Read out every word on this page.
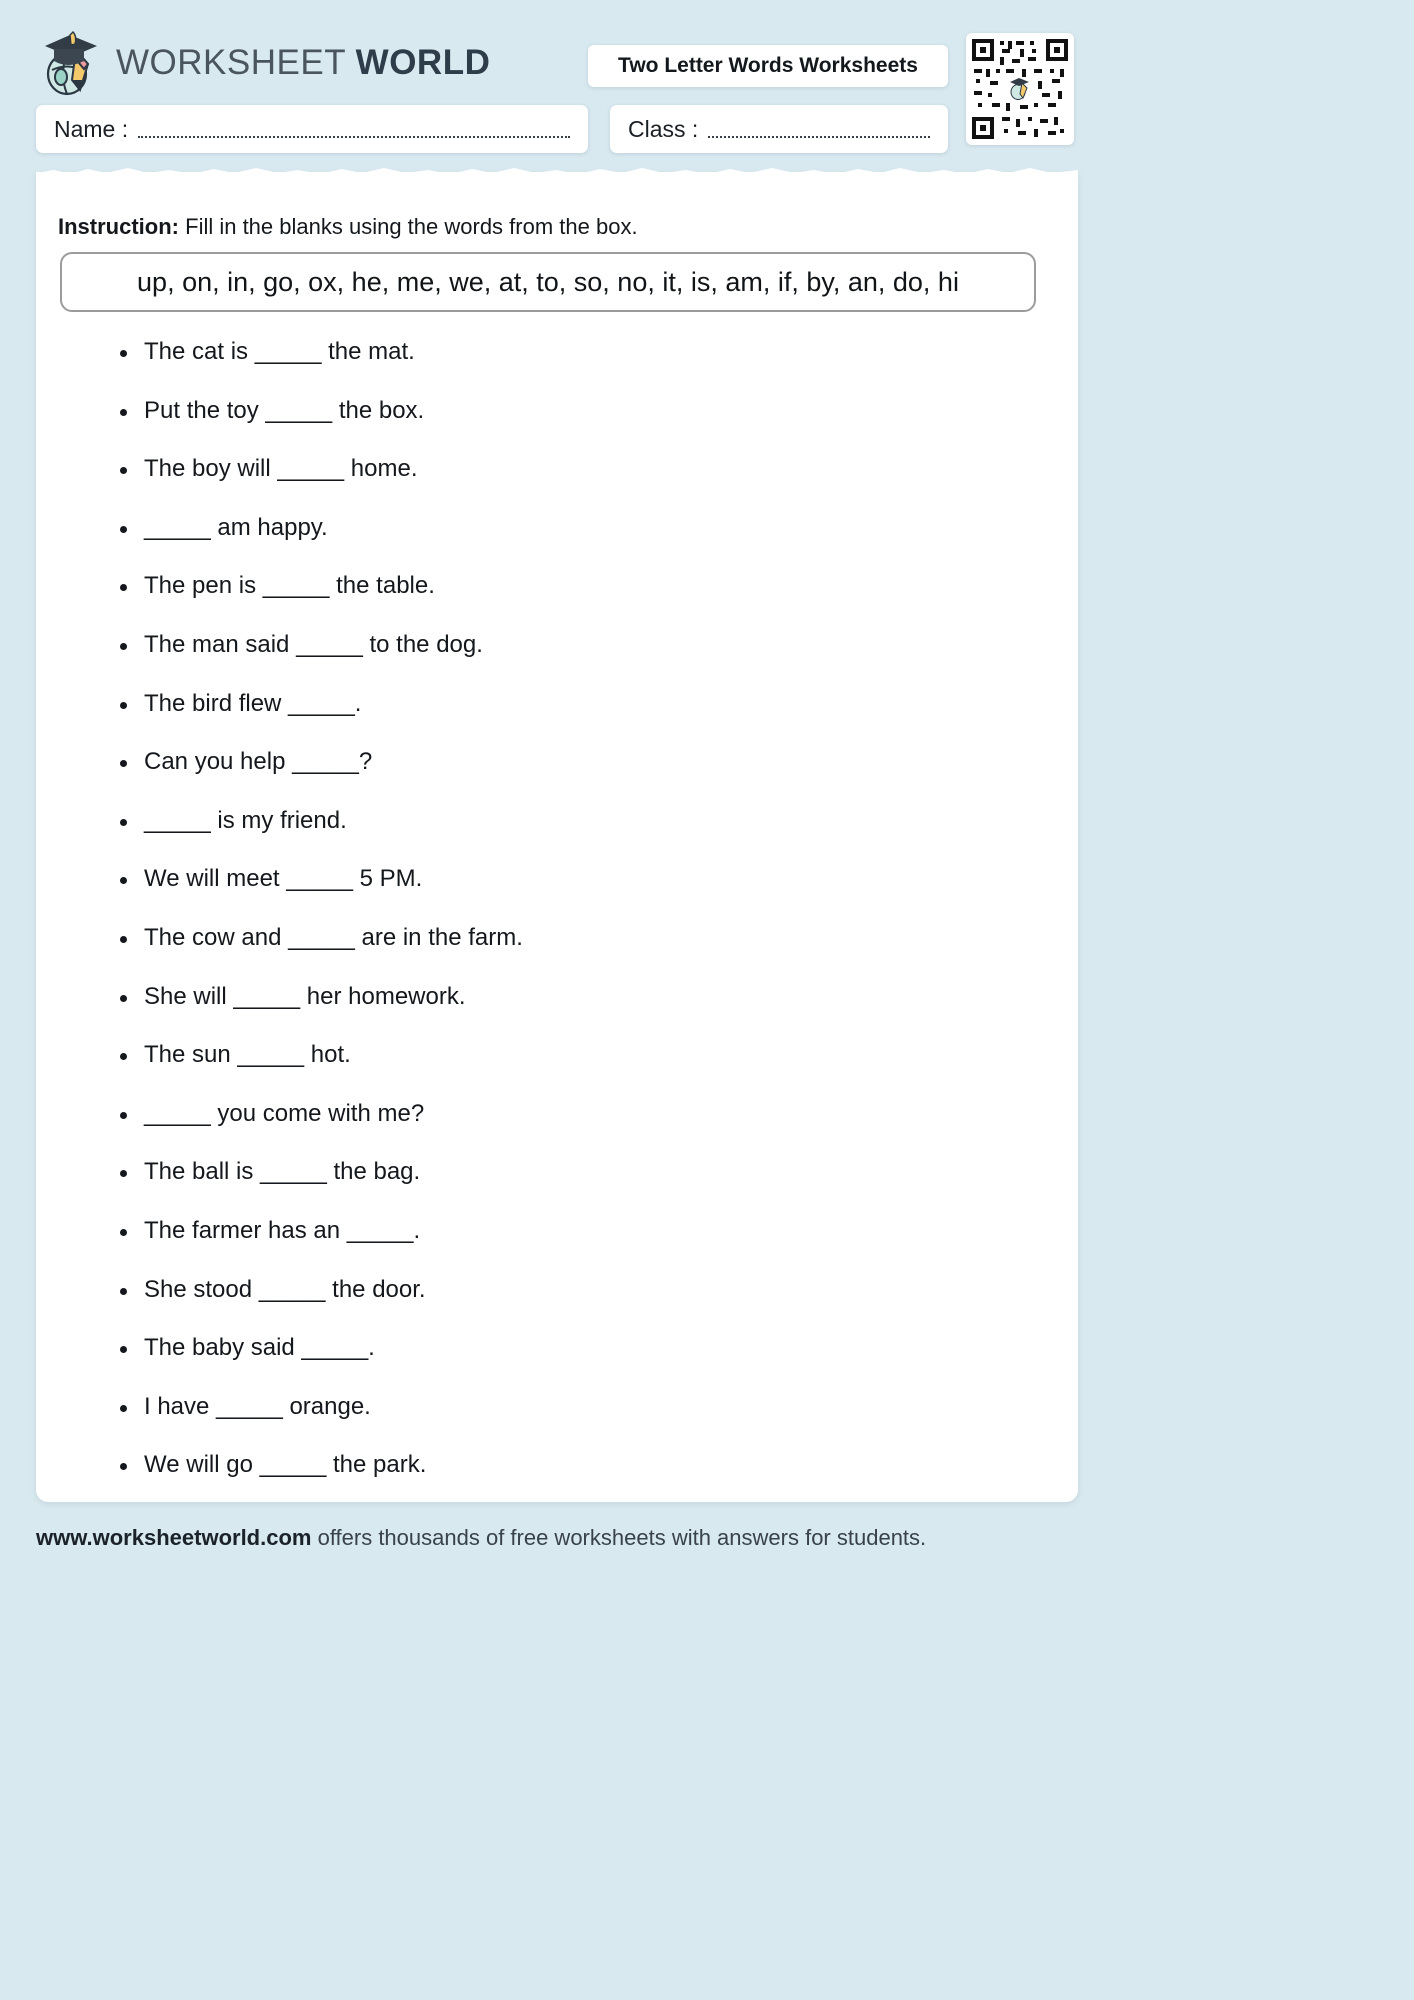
WORKSHEET WORLD	Two Letter Words Worksheets
Name :	Class :
Instruction: Fill in the blanks using the words from the box.
up, on, in, go, ox, he, me, we, at, to, so, no, it, is, am, if, by, an, do, hi
The cat is _____ the mat.
Put the toy _____ the box.
The boy will _____ home.
_____ am happy.
The pen is _____ the table.
The man said _____ to the dog.
The bird flew _____.
Can you help _____?
_____ is my friend.
We will meet _____ 5 PM.
The cow and _____ are in the farm.
She will _____ her homework.
The sun _____ hot.
_____ you come with me?
The ball is _____ the bag.
The farmer has an _____.
She stood _____ the door.
The baby said _____.
I have _____ orange.
We will go _____ the park.
www.worksheetworld.com offers thousands of free worksheets with answers for students.
